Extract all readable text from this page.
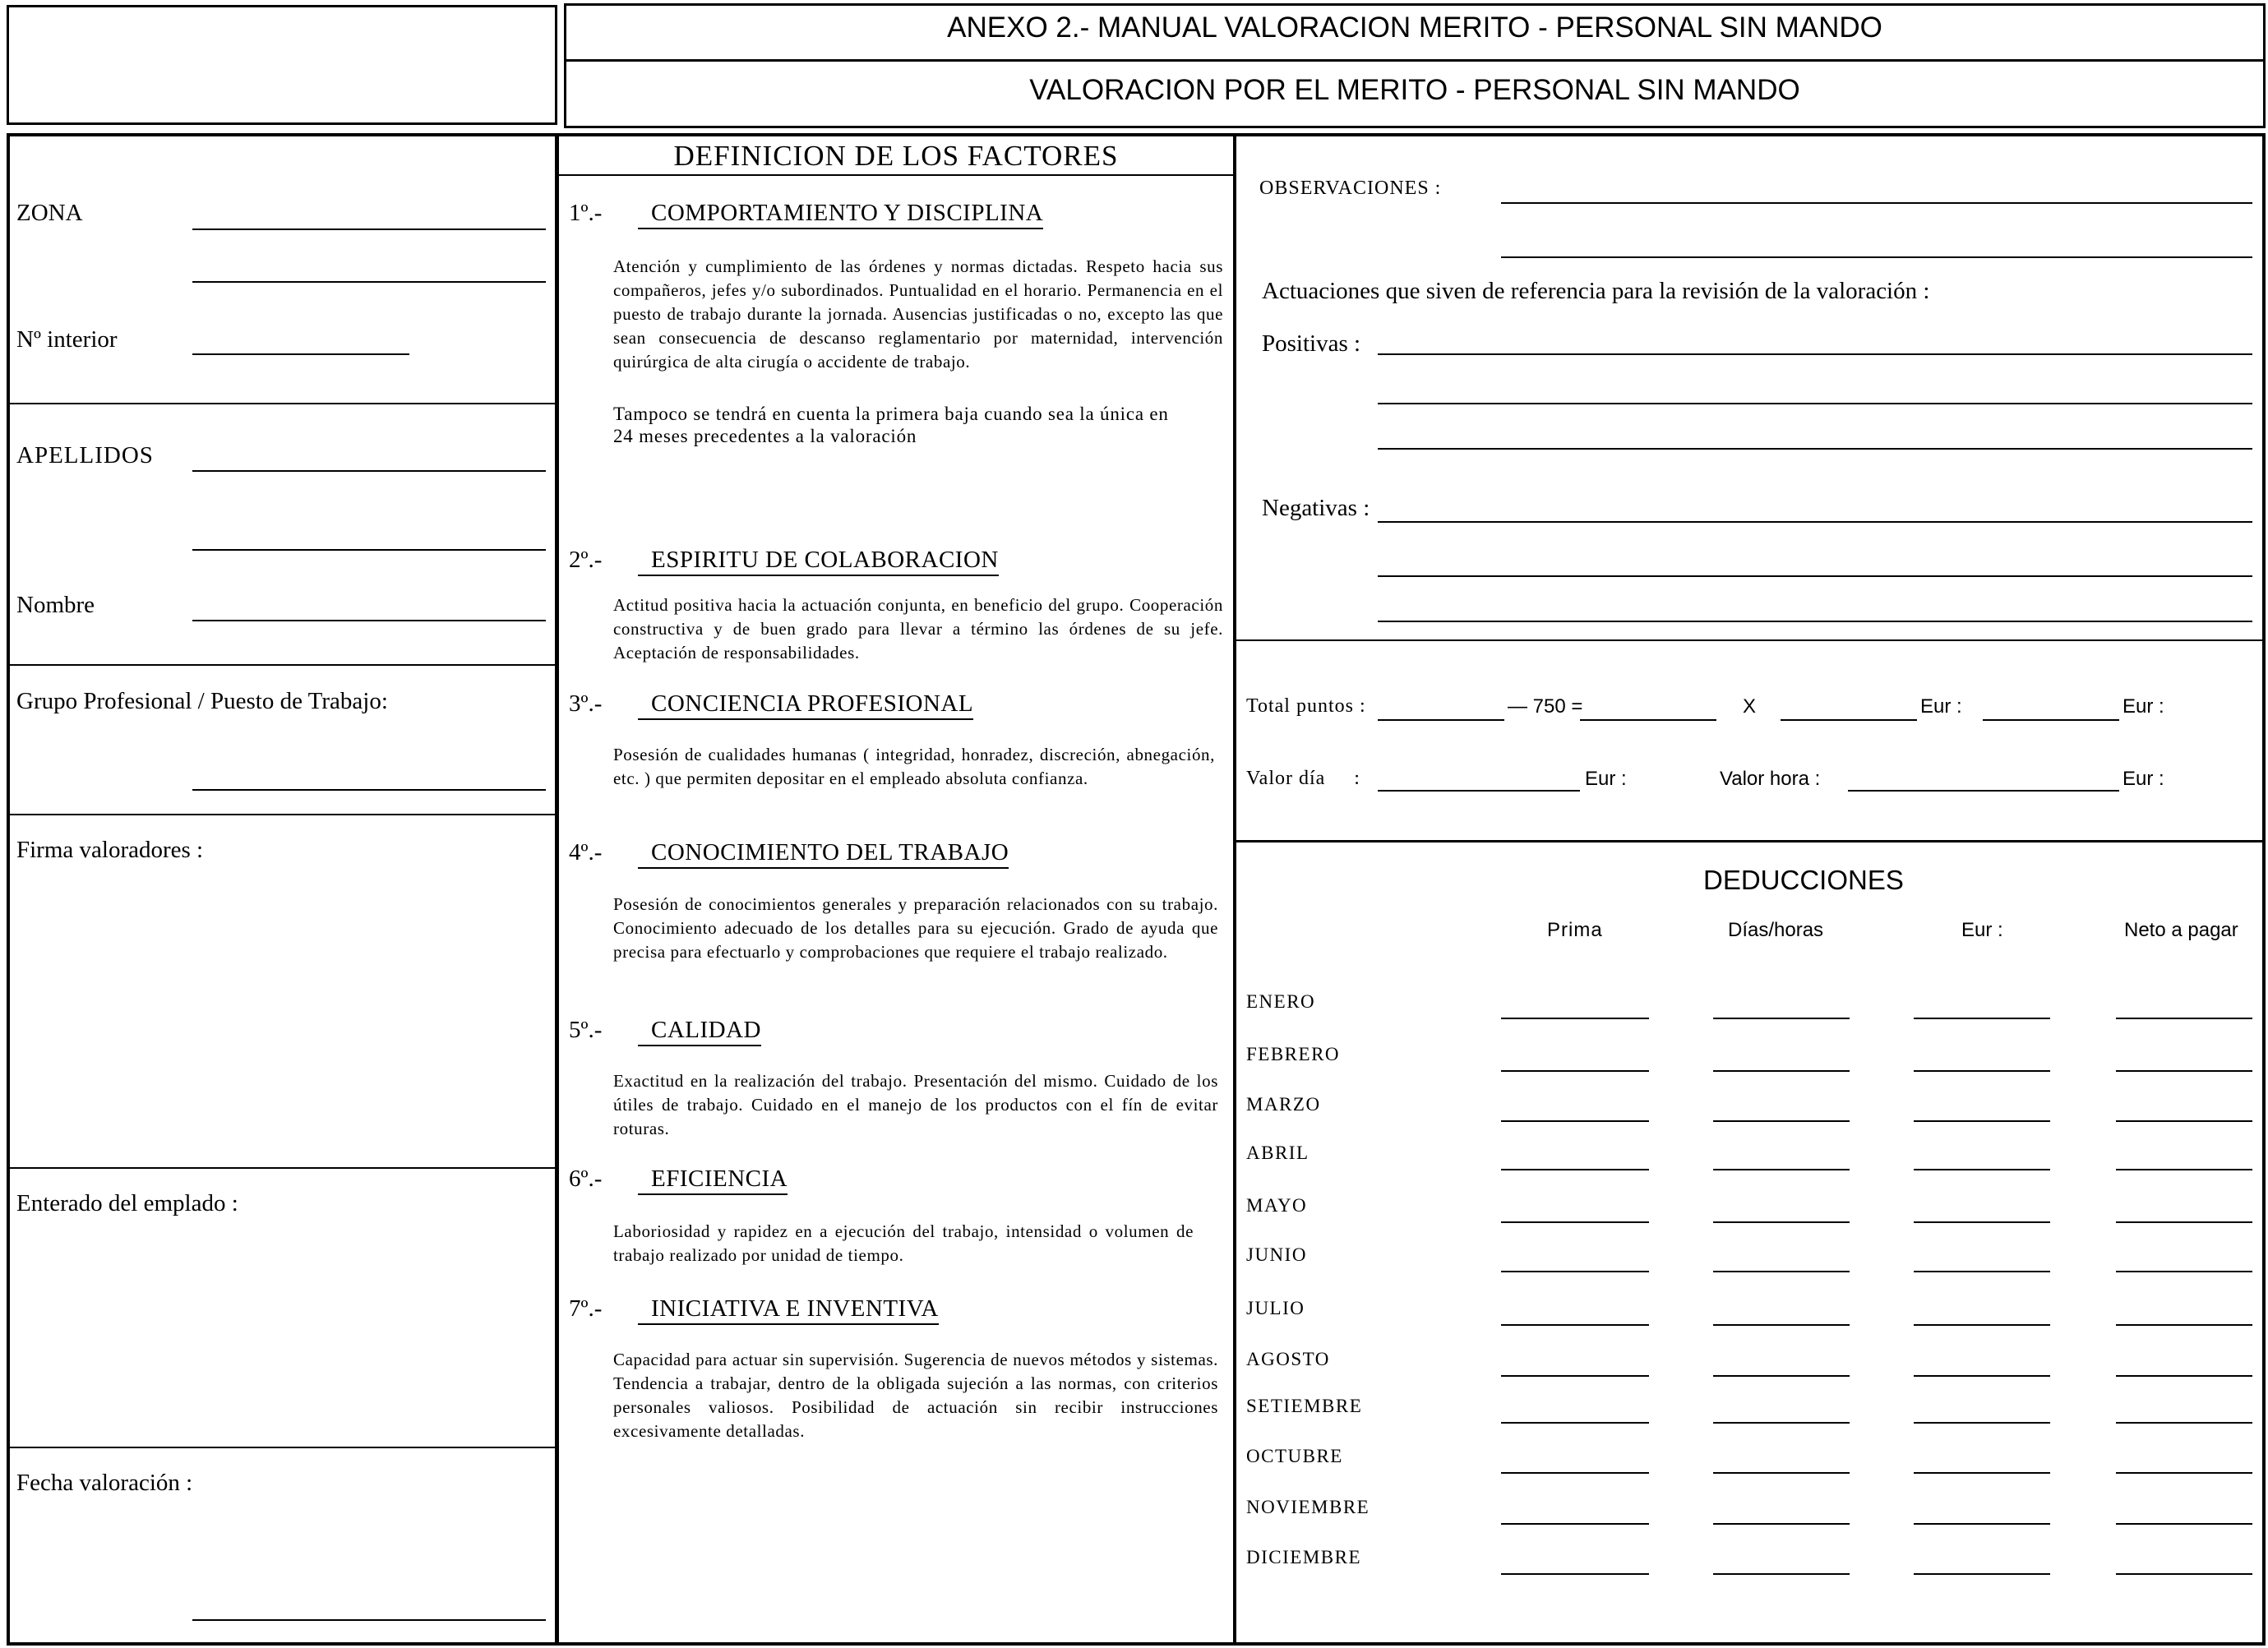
ANEXO 2.- MANUAL VALORACION MERITO - PERSONAL SIN MANDO
VALORACION POR EL MERITO - PERSONAL SIN MANDO
ZONA
Nº interior
APELLIDOS
Nombre
Grupo Profesional / Puesto de Trabajo:
Firma valoradores :
Enterado del emplado :
Fecha valoración :
DEFINICION DE LOS FACTORES
1º.-	COMPORTAMIENTO Y DISCIPLINA
Atención y cumplimiento de las órdenes y normas dictadas. Respeto hacia sus compañeros, jefes y/o subordinados. Puntualidad en el horario. Permanencia en el puesto de trabajo durante la jornada. Ausencias justificadas o no, excepto las que sean consecuencia de descanso reglamentario por maternidad, intervención quirúrgica de alta cirugía o accidente de trabajo.
Tampoco se tendrá en cuenta la primera baja cuando sea la única en
24 meses precedentes a la valoración
2º.-	ESPIRITU DE COLABORACION
Actitud positiva hacia la actuación conjunta, en beneficio del grupo. Cooperación constructiva y de buen grado para llevar a término las órdenes de su jefe. Aceptación de responsabilidades.
3º.-	CONCIENCIA PROFESIONAL
Posesión de cualidades humanas ( integridad, honradez, discreción, abnegación, etc. ) que permiten depositar en el empleado absoluta confianza.
4º.-	CONOCIMIENTO DEL TRABAJO
Posesión de conocimientos generales y preparación relacionados con su trabajo. Conocimiento adecuado de los detalles para su ejecución. Grado de ayuda que precisa para efectuarlo y comprobaciones que requiere el trabajo realizado.
5º.-	CALIDAD
Exactitud en la realización del trabajo. Presentación del mismo. Cuidado de los útiles de trabajo. Cuidado en el manejo de los productos con el fín de evitar roturas.
6º.-	EFICIENCIA
Laboriosidad y rapidez en a ejecución del trabajo, intensidad o volumen de trabajo realizado por unidad de tiempo.
7º.-	INICIATIVA E INVENTIVA
Capacidad para actuar sin supervisión. Sugerencia de nuevos métodos y sistemas. Tendencia a trabajar, dentro de la obligada sujeción a las normas, con criterios personales valiosos. Posibilidad de actuación sin recibir instrucciones excesivamente detalladas.
OBSERVACIONES :
Actuaciones que siven de referencia para la revisión de la valoración :
Positivas :
Negativas :
Total puntos :	— 750 =	X	Eur :	Eur :
Valor día     :	Eur :	Valor hora :	Eur :
DEDUCCIONES
Prima	Días/horas	Eur :	Neto a pagar
ENERO
FEBRERO
MARZO
ABRIL
MAYO
JUNIO
JULIO
AGOSTO
SETIEMBRE
OCTUBRE
NOVIEMBRE
DICIEMBRE
